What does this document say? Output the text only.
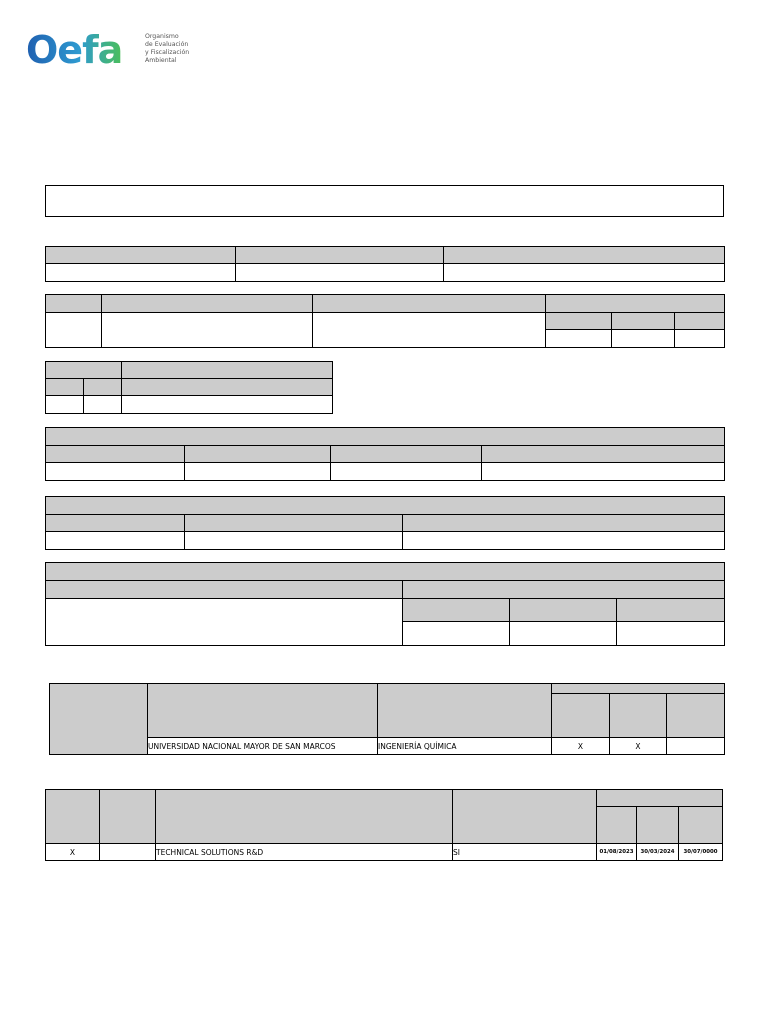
Oefa	Organismo
de Evaluación
y Fiscalización
Ambiental

	UNIVERSIDAD NACIONAL MAYOR DE SAN MARCOS	INGENIERÍA QUÍMICA	X	X	

X		TECHNICAL SOLUTIONS R&D	SI	01/08/2023	30/03/2024	30/07/0000
